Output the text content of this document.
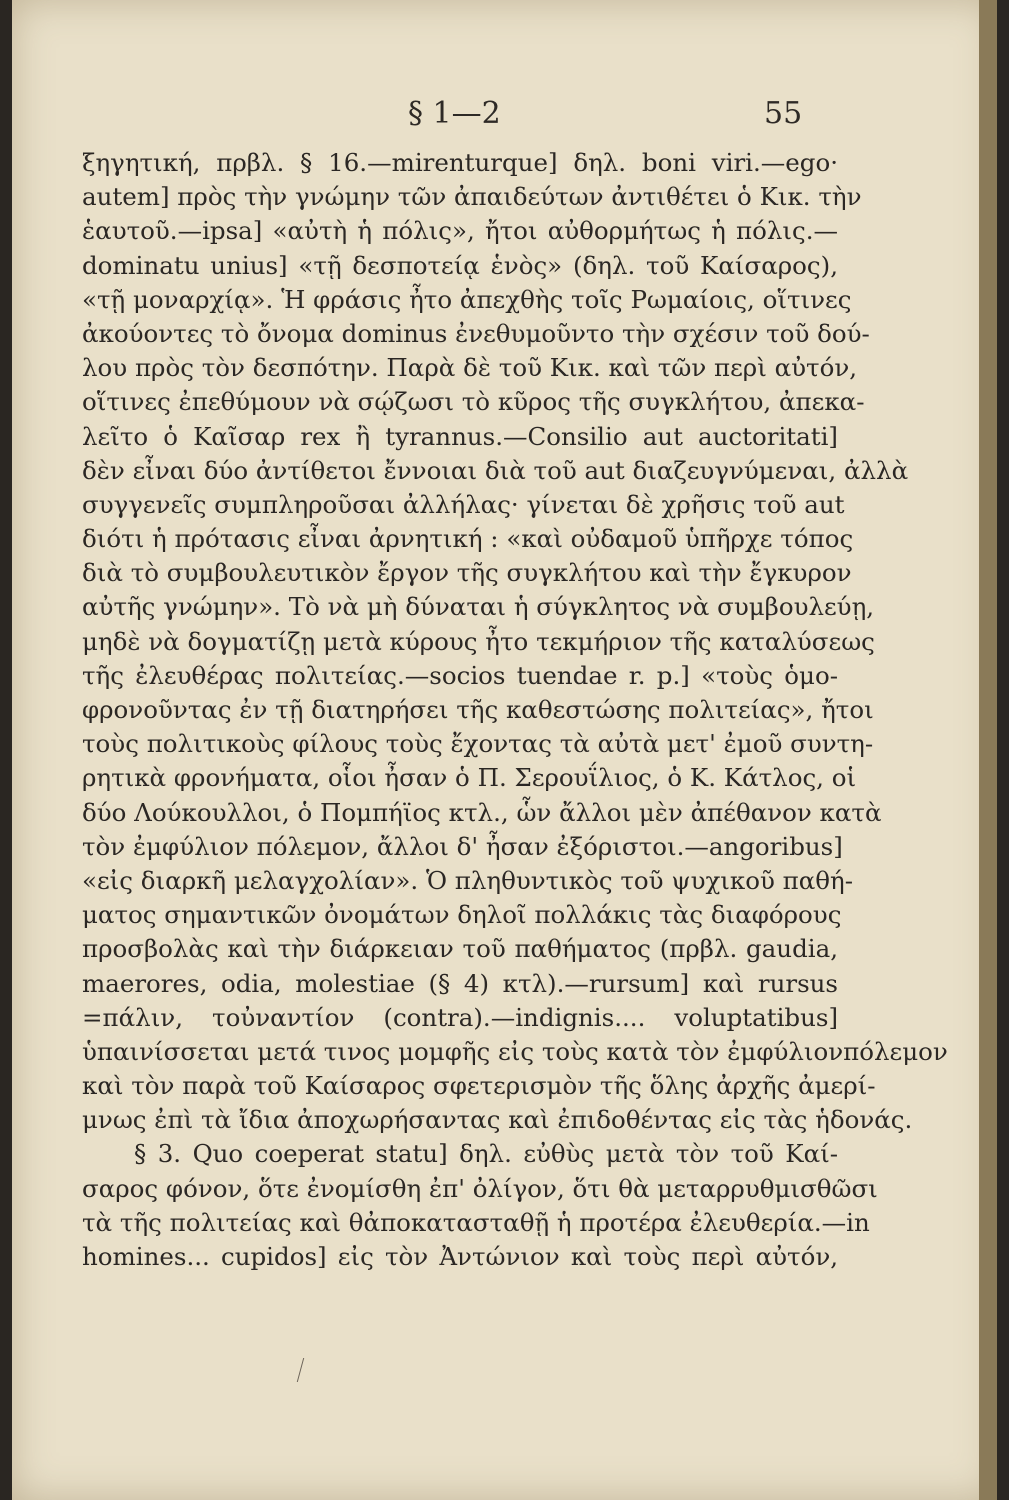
§ 1—2	55
ξηγητική, πρβλ. § 16.—mirenturque] δηλ. boni viri.—ego·
autem] πρὸς τὴν γνώμην τῶν ἀπαιδεύτων ἀντιθέτει ὁ Κικ. τὴν
ἑαυτοῦ.—ipsa] «αὐτὴ ἡ πόλις», ἤτοι αὐθορμήτως ἡ πόλις.—
dominatu unius] «τῇ δεσποτείᾳ ἑνὸς» (δηλ. τοῦ Καίσαρος),
«τῇ μοναρχίᾳ». Ἡ φράσις ἦτο ἀπεχθὴς τοῖς Ρωμαίοις, οἵτινες
ἀκούοντες τὸ ὄνομα dominus ἐνεθυμοῦντο τὴν σχέσιν τοῦ δού-
λου πρὸς τὸν δεσπότην. Παρὰ δὲ τοῦ Κικ. καὶ τῶν περὶ αὐτόν,
οἵτινες ἐπεθύμουν νὰ σῴζωσι τὸ κῦρος τῆς συγκλήτου, ἀπεκα-
λεῖτο ὁ Καῖσαρ rex ἢ tyrannus.—Consilio aut auctoritati]
δὲν εἶναι δύο ἀντίθετοι ἔννοιαι διὰ τοῦ aut διαζευγνύμεναι, ἀλλὰ
συγγενεῖς συμπληροῦσαι ἀλλήλας· γίνεται δὲ χρῆσις τοῦ aut
διότι ἡ πρότασις εἶναι ἀρνητική : «καὶ οὐδαμοῦ ὑπῆρχε τόπος
διὰ τὸ συμβουλευτικὸν ἔργον τῆς συγκλήτου καὶ τὴν ἔγκυρον
αὐτῆς γνώμην». Τὸ νὰ μὴ δύναται ἡ σύγκλητος νὰ συμβουλεύῃ,
μηδὲ νὰ δογματίζῃ μετὰ κύρους ἦτο τεκμήριον τῆς καταλύσεως
τῆς ἐλευθέρας πολιτείας.—socios tuendae r. p.] «τοὺς ὁμο-
φρονοῦντας ἐν τῇ διατηρήσει τῆς καθεστώσης πολιτείας», ἤτοι
τοὺς πολιτικοὺς φίλους τοὺς ἔχοντας τὰ αὐτὰ μετ' ἐμοῦ συντη-
ρητικὰ φρονήματα, οἷοι ἦσαν ὁ Π. Σερουΐλιος, ὁ Κ. Κάτλος, οἱ
δύο Λούκουλλοι, ὁ Πομπήϊος κτλ., ὧν ἄλλοι μὲν ἀπέθανον κατὰ
τὸν ἐμφύλιον πόλεμον, ἄλλοι δ' ἦσαν ἐξόριστοι.—angoribus]
«εἰς διαρκῆ μελαγχολίαν». Ὁ πληθυντικὸς τοῦ ψυχικοῦ παθή-
ματος σημαντικῶν ὀνομάτων δηλοῖ πολλάκις τὰς διαφόρους
προσβολὰς καὶ τὴν διάρκειαν τοῦ παθήματος (πρβλ. gaudia,
maerores, odia, molestiae (§ 4) κτλ).—rursum] καὶ rursus
=πάλιν, τοὐναντίον (contra).—indignis.... voluptatibus]
ὑπαινίσσεται μετά τινος μομφῆς εἰς τοὺς κατὰ τὸν ἐμφύλιονπόλεμον
καὶ τὸν παρὰ τοῦ Καίσαρος σφετερισμὸν τῆς ὅλης ἀρχῆς ἀμερί-
μνως ἐπὶ τὰ ἴδια ἀποχωρήσαντας καὶ ἐπιδοθέντας εἰς τὰς ἡδονάς.
§ 3. Quo coeperat statu] δηλ. εὐθὺς μετὰ τὸν τοῦ Καί-
σαρος φόνον, ὅτε ἐνομίσθη ἐπ' ὀλίγον, ὅτι θὰ μεταρρυθμισθῶσι
τὰ τῆς πολιτείας καὶ θἀποκατασταθῇ ἡ προτέρα ἐλευθερία.—in
homines... cupidos] εἰς τὸν Ἀντώνιον καὶ τοὺς περὶ αὐτόν,
